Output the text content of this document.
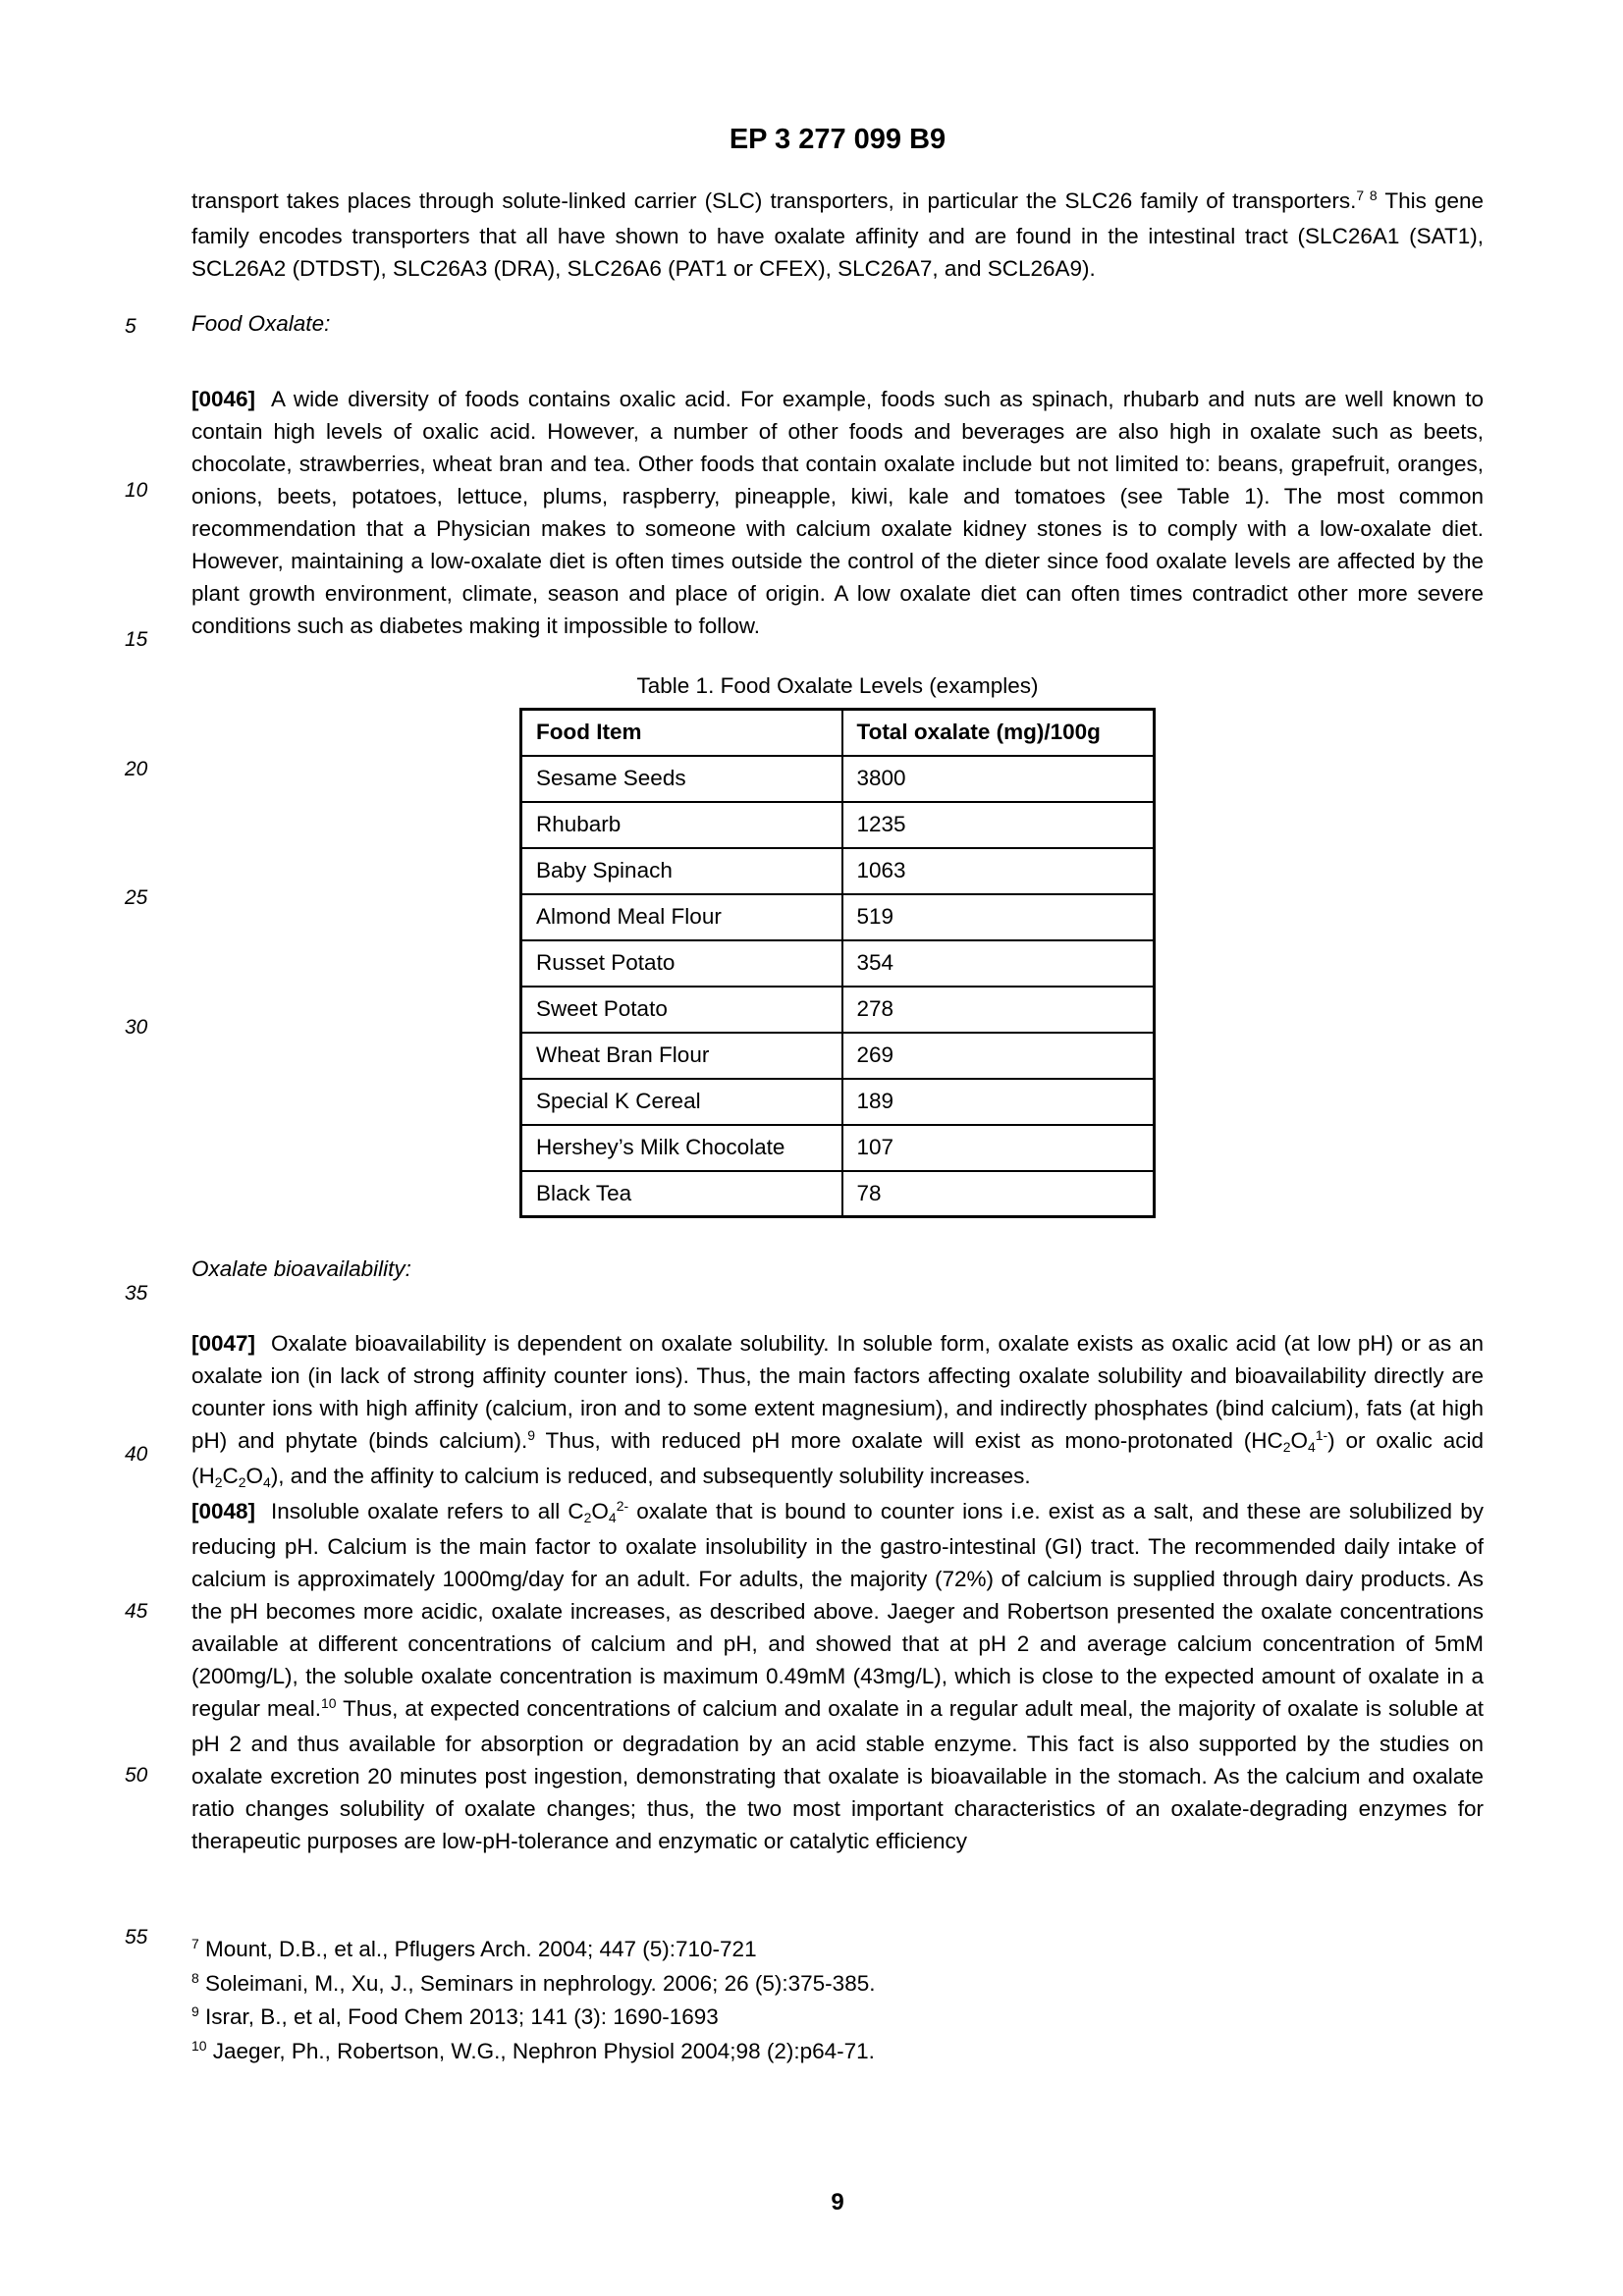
EP 3 277 099 B9
5
10
15
20
25
30
35
40
45
50
55

transport takes places through solute-linked carrier (SLC) transporters, in particular the SLC26 family of transporters.$^{7 8}$ This gene family encodes transporters that all have shown to have oxalate affinity and are found in the intestinal tract (SLC26A1 (SAT1), SCL26A2 (DTDST), SLC26A3 (DRA), SLC26A6 (PAT1 or CFEX), SLC26A7, and SCL26A9).

Food Oxalate:

[0046] A wide diversity of foods contains oxalic acid. For example, foods such as spinach, rhubarb and nuts are well known to contain high levels of oxalic acid. However, a number of other foods and beverages are also high in oxalate such as beets, chocolate, strawberries, wheat bran and tea. Other foods that contain oxalate include but not limited to: beans, grapefruit, oranges, onions, beets, potatoes, lettuce, plums, raspberry, pineapple, kiwi, kale and tomatoes (see Table 1). The most common recommendation that a Physician makes to someone with calcium oxalate kidney stones is to comply with a low-oxalate diet. However, maintaining a low-oxalate diet is often times outside the control of the dieter since food oxalate levels are affected by the plant growth environment, climate, season and place of origin. A low oxalate diet can often times contradict other more severe conditions such as diabetes making it impossible to follow.

Table 1. Food Oxalate Levels (examples)
Food Item	Total oxalate (mg)/100g
Sesame Seeds	3800
Rhubarb	1235
Baby Spinach	1063
Almond Meal Flour	519
Russet Potato	354
Sweet Potato	278
Wheat Bran Flour	269
Special K Cereal	189
Hershey’s Milk Chocolate	107
Black Tea	78
Oxalate bioavailability:

[0047] Oxalate bioavailability is dependent on oxalate solubility. In soluble form, oxalate exists as oxalic acid (at low pH) or as an oxalate ion (in lack of strong affinity counter ions). Thus, the main factors affecting oxalate solubility and bioavailability directly are counter ions with high affinity (calcium, iron and to some extent magnesium), and indirectly phosphates (bind calcium), fats (at high pH) and phytate (binds calcium).$^9$ Thus, with reduced pH more oxalate will exist as mono-protonated $(HC_2O_4^{1-})$ or oxalic acid $(H_2C_2O_4)$, and the affinity to calcium is reduced, and subsequently solubility increases.

[0048] Insoluble oxalate refers to all $C_2O_4^{2-}$ oxalate that is bound to counter ions i.e. exist as a salt, and these are solubilized by reducing pH. Calcium is the main factor to oxalate insolubility in the gastro-intestinal (GI) tract. The recommended daily intake of calcium is approximately 1000mg/day for an adult. For adults, the majority (72%) of calcium is supplied through dairy products. As the pH becomes more acidic, oxalate increases, as described above. Jaeger and Robertson presented the oxalate concentrations available at different concentrations of calcium and pH, and showed that at pH 2 and average calcium concentration of 5mM (200mg/L), the soluble oxalate concentration is maximum 0.49mM (43mg/L), which is close to the expected amount of oxalate in a regular meal.$^{10}$ Thus, at expected concentrations of calcium and oxalate in a regular adult meal, the majority of oxalate is soluble at pH 2 and thus available for absorption or degradation by an acid stable enzyme. This fact is also supported by the studies on oxalate excretion 20 minutes post ingestion, demonstrating that oxalate is bioavailable in the stomach. As the calcium and oxalate ratio changes solubility of oxalate changes; thus, the two most important characteristics of an oxalate-degrading enzymes for therapeutic purposes are low-pH-tolerance and enzymatic or catalytic efficiency

$^7$ Mount, D.B., et al., Pflugers Arch. 2004; 447 (5):710-721

$^8$ Soleimani, M., Xu, J., Seminars in nephrology. 2006; 26 (5):375-385.

$^9$ Israr, B., et al, Food Chem 2013; 141 (3): 1690-1693

$^{10}$ Jaeger, Ph., Robertson, W.G., Nephron Physiol 2004;98 (2):p64-71.

9
